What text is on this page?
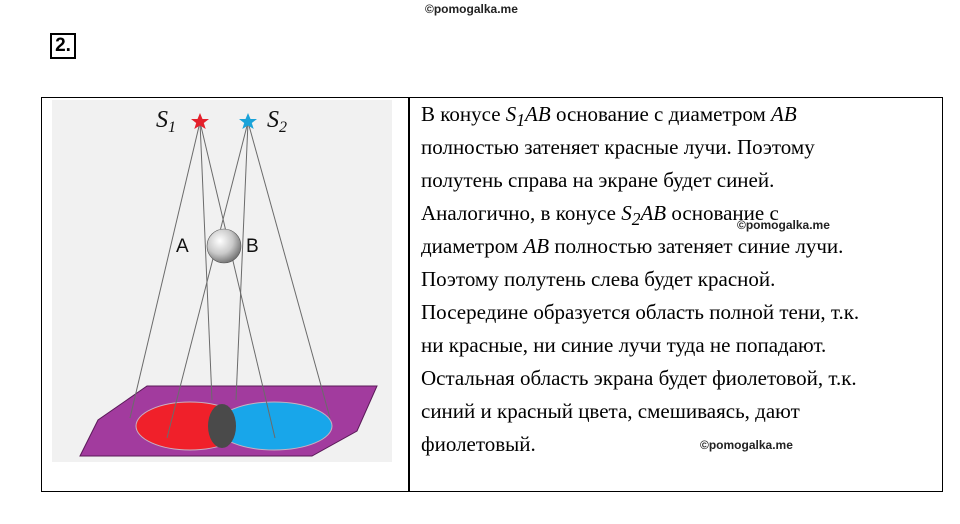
©pomogalka.me
2.
$S_1$	$S_2$
A	B
В конусе $S_1AB$ основание с диаметром AB
полностью затеняет красные лучи. Поэтому
полутень справа на экране будет синей.
Аналогично, в конусе $S_2AB$ основание с
диаметром AB полностью затеняет синие лучи.
Поэтому полутень слева будет красной.
Посередине образуется область полной тени, т.к.
ни красные, ни синие лучи туда не попадают.
Остальная область экрана будет фиолетовой, т.к.
синий и красный цвета, смешиваясь, дают
фиолетовый.
©pomogalka.me
©pomogalka.me
